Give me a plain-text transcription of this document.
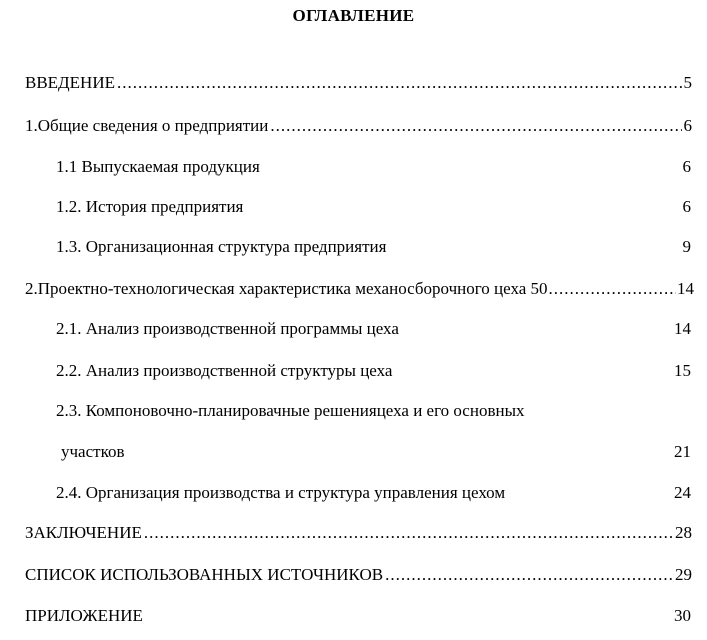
ОГЛАВЛЕНИЕ
ВВЕДЕНИЕ .....	5
1. Общие сведения о предприятии .....	6
1.1 Выпускаемая продукция	6
1.2. История предприятия	6
1.3. Организационная структура предприятия	9
2. Проектно-технологическая характеристика механосборочного цеха 50 .....	14
2.1. Анализ производственной программы цеха	14
2.2. Анализ производственной структуры цеха	15
2.3. Компоновочно-планировачные решенияцеха и его основных
участков	21
2.4. Организация производства и структура управления цехом	24
ЗАКЛЮЧЕНИЕ .....	28
СПИСОК ИСПОЛЬЗОВАННЫХ ИСТОЧНИКОВ .....	29
ПРИЛОЖЕНИЕ	30
